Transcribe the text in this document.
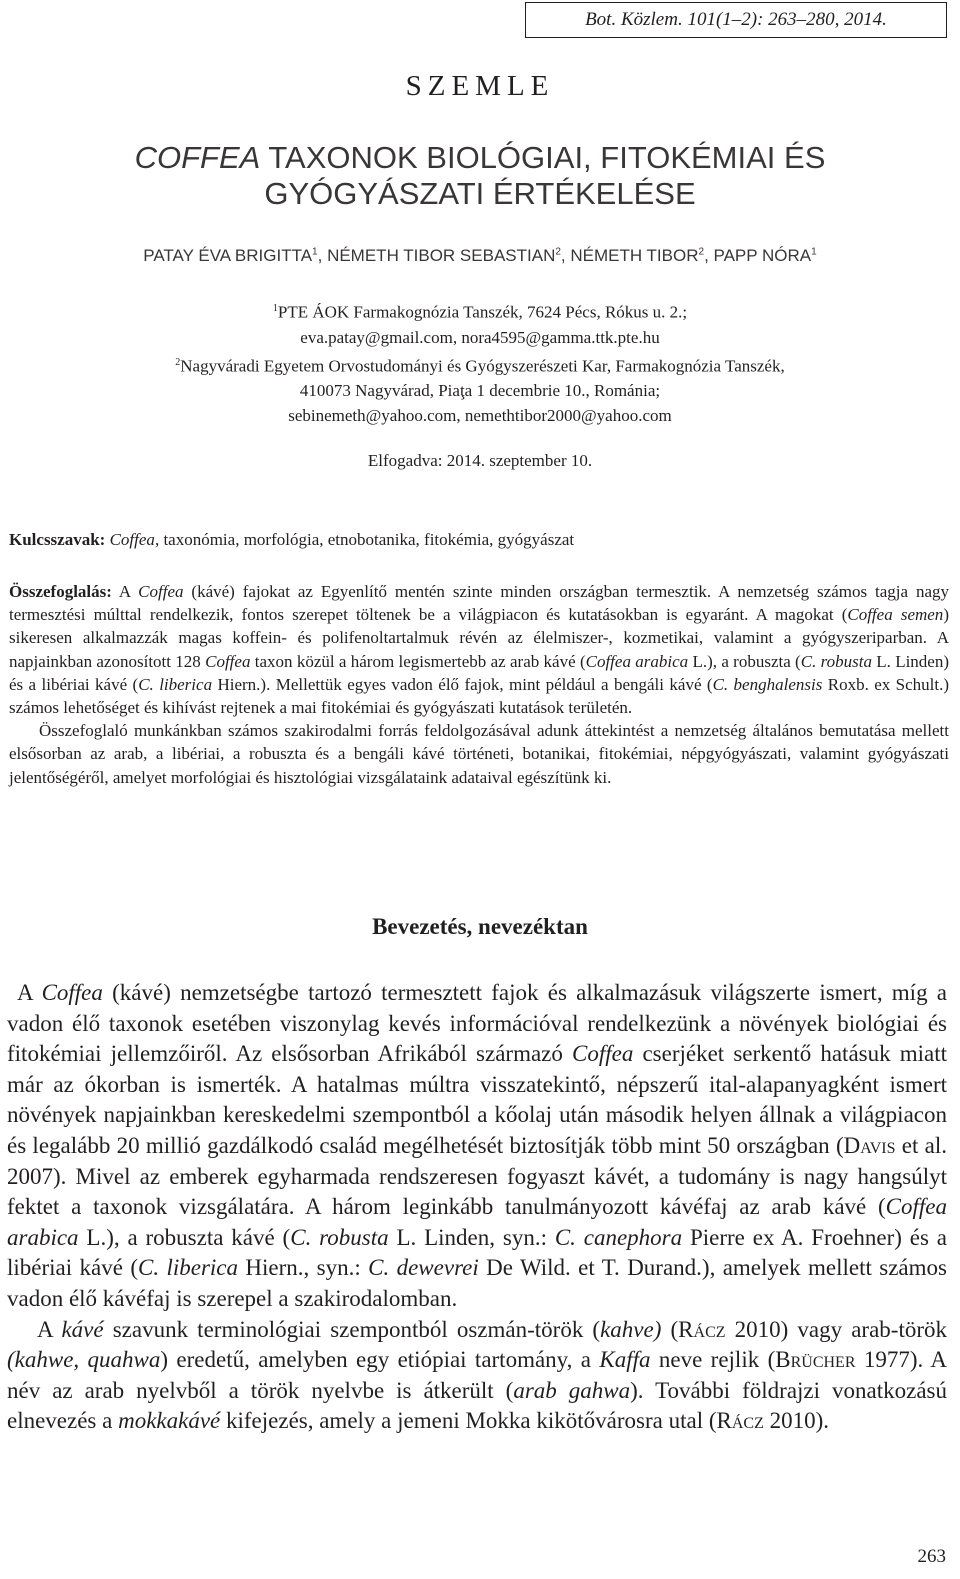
Bot. Közlem. 101(1–2): 263–280, 2014.
SZEMLE
COFFEA TAXONOK BIOLÓGIAI, FITOKÉMIAI ÉS
GYÓGYÁSZATI ÉRTÉKELÉSE
PATAY ÉVA BRIGITTA$^1$, NÉMETH TIBOR SEBASTIAN$^2$, NÉMETH TIBOR$^2$, PAPP NÓRA$^1$
$^1$PTE ÁOK Farmakognózia Tanszék, 7624 Pécs, Rókus u. 2.;
eva.patay@gmail.com, nora4595@gamma.ttk.pte.hu
$^2$Nagyváradi Egyetem Orvostudományi és Gyógyszerészeti Kar, Farmakognózia Tanszék,
410073 Nagyvárad, Piaţa 1 decembrie 10., Románia;
sebinemeth@yahoo.com, nemethtibor2000@yahoo.com
Elfogadva: 2014. szeptember 10.
Kulcsszavak: Coffea, taxonómia, morfológia, etnobotanika, fitokémia, gyógyászat

Összefoglalás: A Coffea (kávé) fajokat az Egyenlítő mentén szinte minden országban termesztik. A nemzetség számos tagja nagy termesztési múlttal rendelkezik, fontos szerepet töltenek be a világpiacon és kutatásokban is egyaránt. A magokat (Coffea semen) sikeresen alkalmazzák magas koffein- és polifenoltartalmuk révén az élelmiszer-, kozmetikai, valamint a gyógyszeriparban. A napjainkban azonosított 128 Coffea taxon közül a három legismertebb az arab kávé (Coffea arabica L.), a robuszta (C. robusta L. Linden) és a libériai kávé (C. liberica Hiern.). Mellettük egyes vadon élő fajok, mint például a bengáli kávé (C. benghalensis Roxb. ex Schult.) számos lehetőséget és kihívást rejtenek a mai fitokémiai és gyógyászati kutatások területén.

Összefoglaló munkánkban számos szakirodalmi forrás feldolgozásával adunk áttekintést a nemzetség általános bemutatása mellett elsősorban az arab, a libériai, a robuszta és a bengáli kávé történeti, botanikai, fitokémiai, népgyógyászati, valamint gyógyászati jelentőségéről, amelyet morfológiai és hisztológiai vizsgálataink adataival egészítünk ki.

Bevezetés, nevezéktan

A Coffea (kávé) nemzetségbe tartozó termesztett fajok és alkalmazásuk világszerte ismert, míg a vadon élő taxonok esetében viszonylag kevés információval rendelkezünk a növények biológiai és fitokémiai jellemzőiről. Az elsősorban Afrikából származó Coffea cserjéket serkentő hatásuk miatt már az ókorban is ismerték. A hatalmas múltra visszatekintő, népszerű ital-alapanyagként ismert növények napjainkban kereskedelmi szempontból a kőolaj után második helyen állnak a világpiacon és legalább 20 millió gazdálkodó család megélhetését biztosítják több mint 50 országban (Davis et al. 2007). Mivel az emberek egyharmada rendszeresen fogyaszt kávét, a tudomány is nagy hangsúlyt fektet a taxonok vizsgálatára. A három leginkább tanulmányozott kávéfaj az arab kávé (Coffea arabica L.), a robuszta kávé (C. robusta L. Linden, syn.: C. canephora Pierre ex A. Froehner) és a libériai kávé (C. liberica Hiern., syn.: C. dewevrei De Wild. et T. Durand.), amelyek mellett számos vadon élő kávéfaj is szerepel a szakirodalomban.

A kávé szavunk terminológiai szempontból oszmán-török (kahve) (Rácz 2010) vagy arab-török (kahwe, quahwa) eredetű, amelyben egy etiópiai tartomány, a Kaffa neve rejlik (Brücher 1977). A név az arab nyelvből a török nyelvbe is átkerült (arab gahwa). További földrajzi vonatkozású elnevezés a mokkakávé kifejezés, amely a jemeni Mokka kikötővárosra utal (Rácz 2010).

263
